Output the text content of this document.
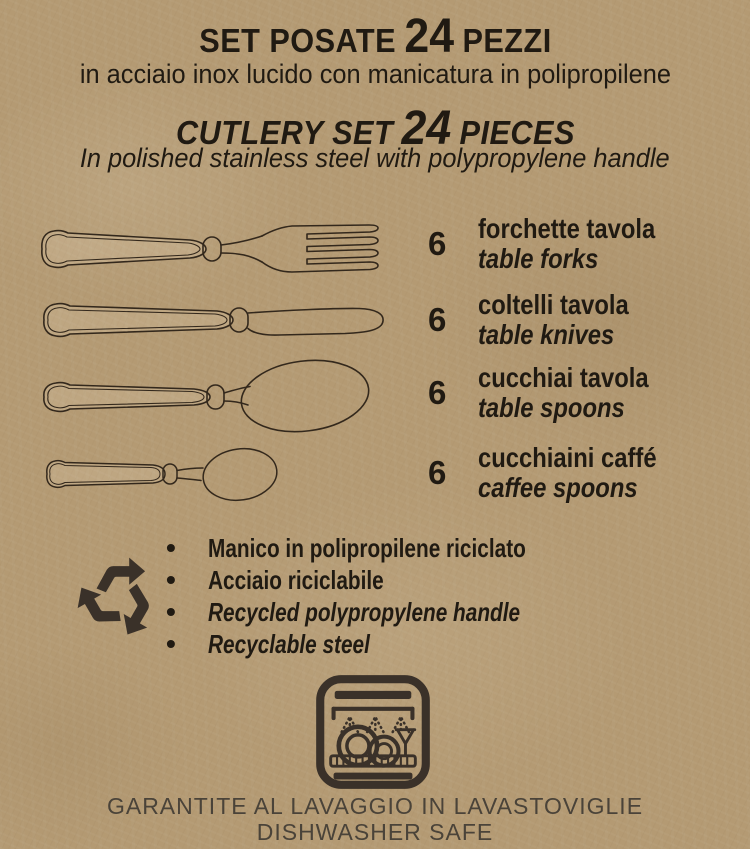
SET POSATE 24 PEZZI
in acciaio inox lucido con manicatura in polipropilene
CUTLERY SET 24 PIECES
In polished stainless steel with polypropylene handle
6	forchette tavola
table forks
6	coltelli tavola
table knives
6	cucchiai tavola
table spoons
6	cucchiaini caffé
caffee spoons
•	Manico in polipropilene riciclato
•	Acciaio riciclabile
•	Recycled polypropylene handle
•	Recyclable steel
GARANTITE AL LAVAGGIO IN LAVASTOVIGLIE
DISHWASHER SAFE
